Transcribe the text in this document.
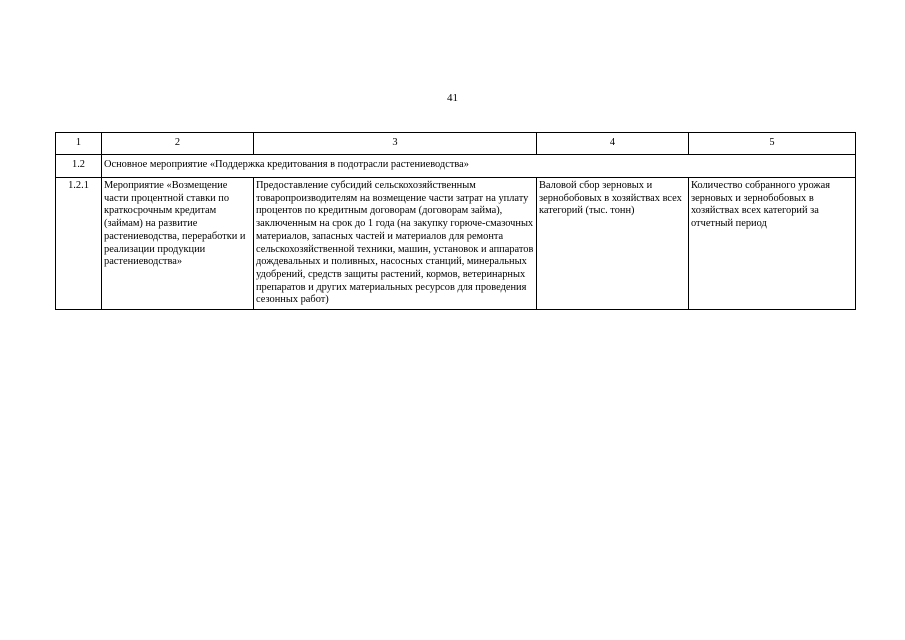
41
1	2	3	4	5
1.2	Основное мероприятие «Поддержка кредитования в подотрасли растениеводства»			
1.2.1	Мероприятие «Возмещение части процентной ставки по краткосрочным кредитам (займам) на развитие растениеводства, переработки и реализации продукции растениеводства»	Предоставление субсидий сельскохозяйственным товаропроизводителям на возмещение части затрат на уплату процентов по кредитным договорам (договорам займа), заключенным на срок до 1 года (на закупку горюче-смазочных материалов, запасных частей и материалов для ремонта сельскохозяйственной техники, машин, установок и аппаратов дождевальных и поливных, насосных станций, минеральных удобрений, средств защиты растений, кормов, ветеринарных препаратов и других материальных ресурсов для проведения сезонных работ)	Валовой сбор зерновых и зернобобовых в хозяйствах всех категорий (тыс. тонн)	Количество собранного урожая зерновых и зернобобовых в хозяйствах всех категорий за отчетный период
